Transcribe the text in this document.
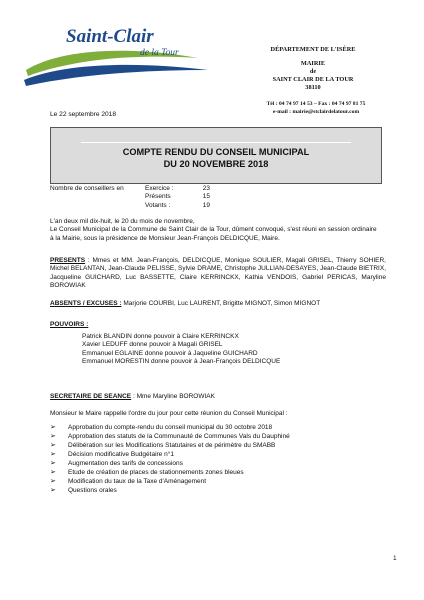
Saint-Clair
de la Tour	DÉPARTEMENT DE L'ISÈRE
MAIRIE
de
SAINT CLAIR DE LA TOUR
38110
Tél : 04 74 97 14 53 – Fax : 04 74 97 81 75
e-mail : mairie@stclairdelatour.com
Le 22 septembre 2018
COMPTE RENDU DU CONSEIL MUNICIPAL
DU 20 NOVEMBRE 2018
Nombre de conseillers en	Exercice :
Présents
Votants :
23
15
19
L'an deux mil dix-huit, le 20 du mois de novembre,
Le Conseil Municipal de la Commune de Saint Clair de la Tour, dûment convoqué, s'est réuni en session ordinaire à la Mairie, sous la présidence de Monsieur Jean-François DELDICQUE, Maire.
PRESENTS : Mmes et MM. Jean-François, DELDICQUE, Monique SOULIER, Magali GRISEL, Thierry SOHIER, Michel BELANTAN, Jean-Claude PELISSE, Sylvie DRAME, Christophe JULLIAN-DESAYES, Jean-Claude BIETRIX, Jacqueline GUICHARD, Luc BASSETTE, Claire KERRINCKX, Kathia VENDOIS, Gabriel PERICAS, Maryline BOROWIAK
ABSENTS / EXCUSES : Marjorie COURBI, Luc LAURENT, Brigitte MIGNOT, Simon MIGNOT
POUVOIRS :
Patrick BLANDIN donne pouvoir à Claire KERRINCKX
Xavier LEDUFF donne pouvoir à Magali GRISEL
Emmanuel EGLAINE donne pouvoir à Jaqueline GUICHARD
Emmanuel MORESTIN donne pouvoir à Jean-François DELDICQUE
SECRETAIRE DE SEANCE : Mme Maryline BOROWIAK
Monsieur le Maire rappelle l'ordre du jour pour cette réunion du Conseil Municipal :
➢ Approbation du compte-rendu du conseil municipal du 30 octobre 2018
➢ Approbation des statuts de la Communauté de Communes Vals du Dauphiné
➢ Délibération sur les Modifications Statutaires et de périmètre du SMABB
➢ Décision modificative Budgétaire n°1
➢ Augmentation des tarifs de concessions
➢ Etude de création de places de stationnements zones bleues
➢ Modification du taux de la Taxe d'Aménagement
➢ Questions orales
1
